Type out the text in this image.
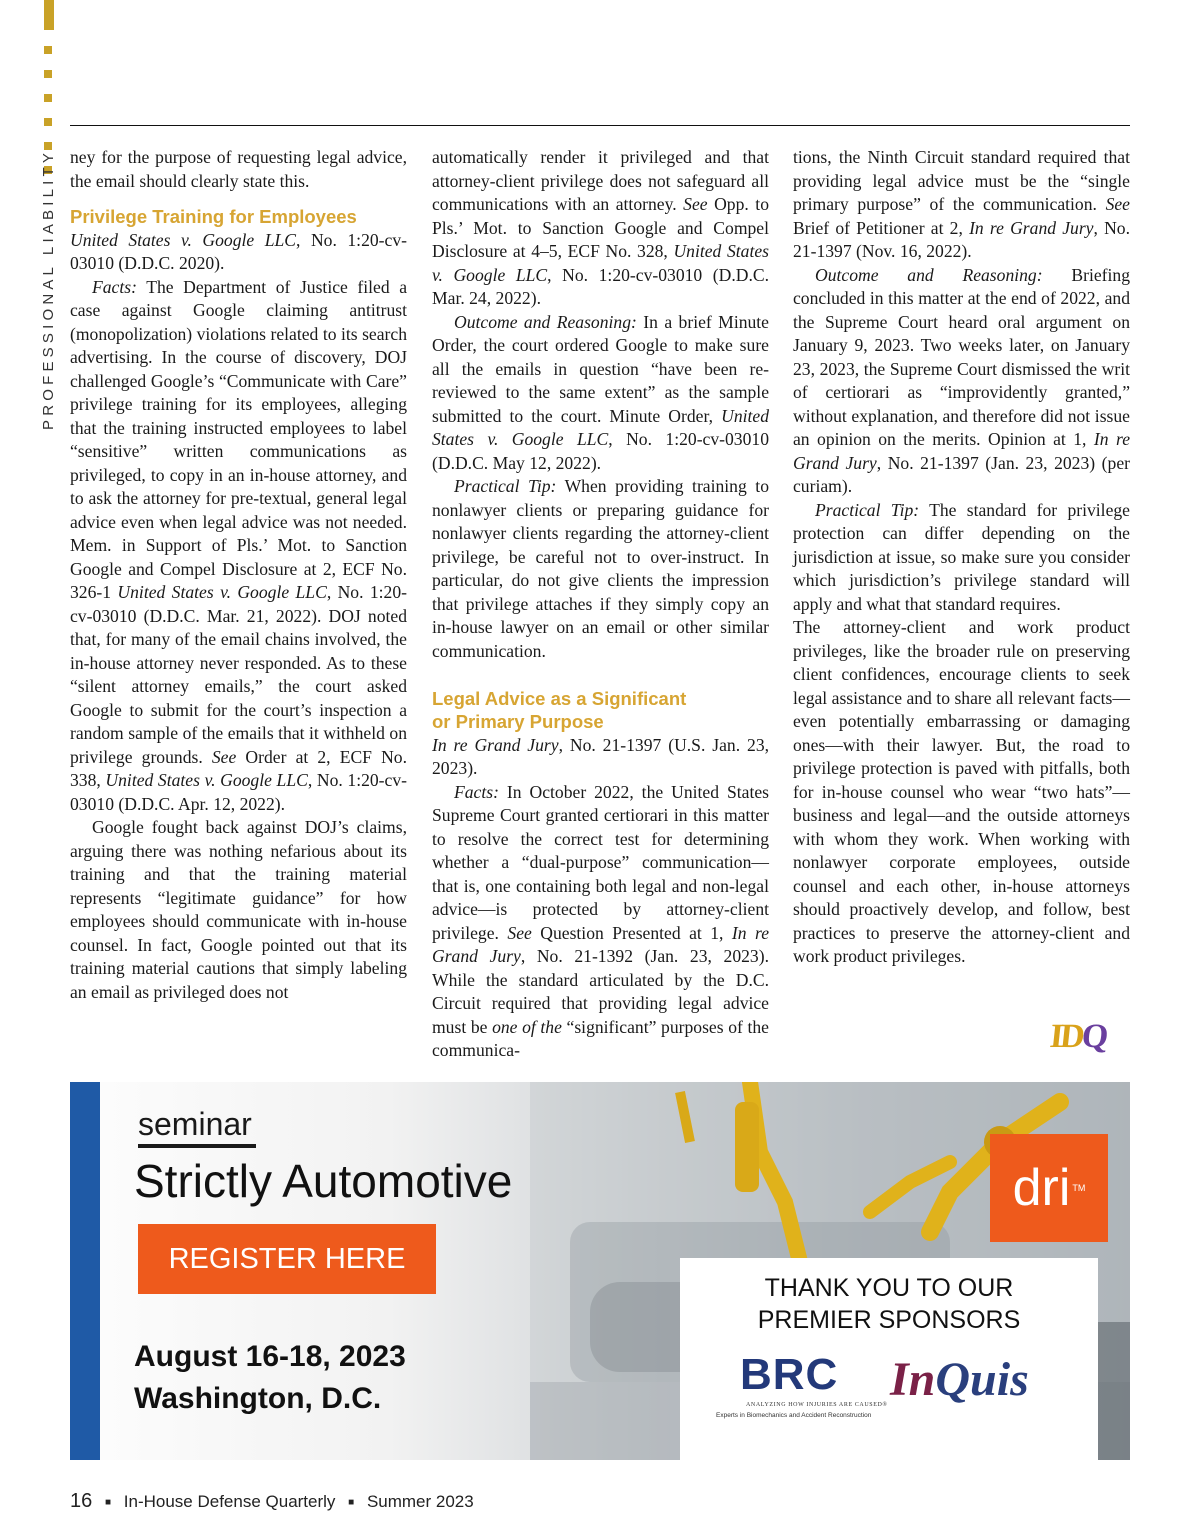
PROFESSIONAL LIABILITY ney for the purpose of requesting legal advice, the email should clearly state this.

Privilege Training for Employees

United States v. Google LLC, No. 1:20-cv-03010 (D.D.C. 2020).

Facts: The Department of Justice filed a case against Google claiming antitrust (monopolization) violations related to its search advertising. In the course of discovery, DOJ challenged Google’s “Communicate with Care” privilege training for its employees, alleging that the training instructed employees to label “sensitive” written communications as privileged, to copy in an in-house attorney, and to ask the attorney for pre-textual, general legal advice even when legal advice was not needed. Mem. in Support of Pls.’ Mot. to Sanction Google and Compel Disclosure at 2, ECF No. 326-1 United States v. Google LLC, No. 1:20-cv-03010 (D.D.C. Mar. 21, 2022). DOJ noted that, for many of the email chains involved, the in-house attorney never responded. As to these “silent attorney emails,” the court asked Google to submit for the court’s inspection a random sample of the emails that it withheld on privilege grounds. See Order at 2, ECF No. 338, United States v. Google LLC, No. 1:20-cv-03010 (D.D.C. Apr. 12, 2022).

Google fought back against DOJ’s claims, arguing there was nothing nefarious about its training and that the training material represents “legitimate guidance” for how employees should communicate with in-house counsel. In fact, Google pointed out that its training material cautions that simply labeling an email as privileged does not

automatically render it privileged and that attorney-client privilege does not safeguard all communications with an attorney. See Opp. to Pls.’ Mot. to Sanction Google and Compel Disclosure at 4–5, ECF No. 328, United States v. Google LLC, No. 1:20-cv-03010 (D.D.C. Mar. 24, 2022).

Outcome and Reasoning: In a brief Minute Order, the court ordered Google to make sure all the emails in question “have been re-reviewed to the same extent” as the sample submitted to the court. Minute Order, United States v. Google LLC, No. 1:20-cv-03010 (D.D.C. May 12, 2022).

Practical Tip: When providing training to nonlawyer clients or preparing guidance for nonlawyer clients regarding the attorney-client privilege, be careful not to over-instruct. In particular, do not give clients the impression that privilege attaches if they simply copy an in-house lawyer on an email or other similar communication.

Legal Advice as a Significant
or Primary Purpose

In re Grand Jury, No. 21-1397 (U.S. Jan. 23, 2023).

Facts: In October 2022, the United States Supreme Court granted certiorari in this matter to resolve the correct test for determining whether a “dual-purpose” communication—that is, one containing both legal and non-legal advice—is protected by attorney-client privilege. See Question Presented at 1, In re Grand Jury, No. 21-1392 (Jan. 23, 2023). While the standard articulated by the D.C. Circuit required that providing legal advice must be one of the “significant” purposes of the communica-

tions, the Ninth Circuit standard required that providing legal advice must be the “single primary purpose” of the communication. See Brief of Petitioner at 2, In re Grand Jury, No. 21-1397 (Nov. 16, 2022).

Outcome and Reasoning: Briefing concluded in this matter at the end of 2022, and the Supreme Court heard oral argument on January 9, 2023. Two weeks later, on January 23, 2023, the Supreme Court dismissed the writ of certiorari as “improvidently granted,” without explanation, and therefore did not issue an opinion on the merits. Opinion at 1, In re Grand Jury, No. 21-1397 (Jan. 23, 2023) (per curiam).

Practical Tip: The standard for privilege protection can differ depending on the jurisdiction at issue, so make sure you consider which jurisdiction’s privilege standard will apply and what that standard requires.

The attorney-client and work product privileges, like the broader rule on preserving client confidences, encourage clients to seek legal assistance and to share all relevant facts—even potentially embarrassing or damaging ones—with their lawyer. But, the road to privilege protection is paved with pitfalls, both for in-house counsel who wear “two hats”—business and legal—and the outside attorneys with whom they work. When working with nonlawyer corporate employees, outside counsel and each other, in-house attorneys should proactively develop, and follow, best practices to preserve the attorney-client and work product privileges.

IDQ
seminar
Strictly Automotive
REGISTER HERE
August 16-18, 2023
Washington, D.C.
dri TM
THANK YOU TO OUR
PREMIER SPONSORS
BRC
ANALYZING HOW INJURIES ARE CAUSED®
Experts in Biomechanics and Accident Reconstruction
InQuis
16 ■ In-House Defense Quarterly ■ Summer 2023
